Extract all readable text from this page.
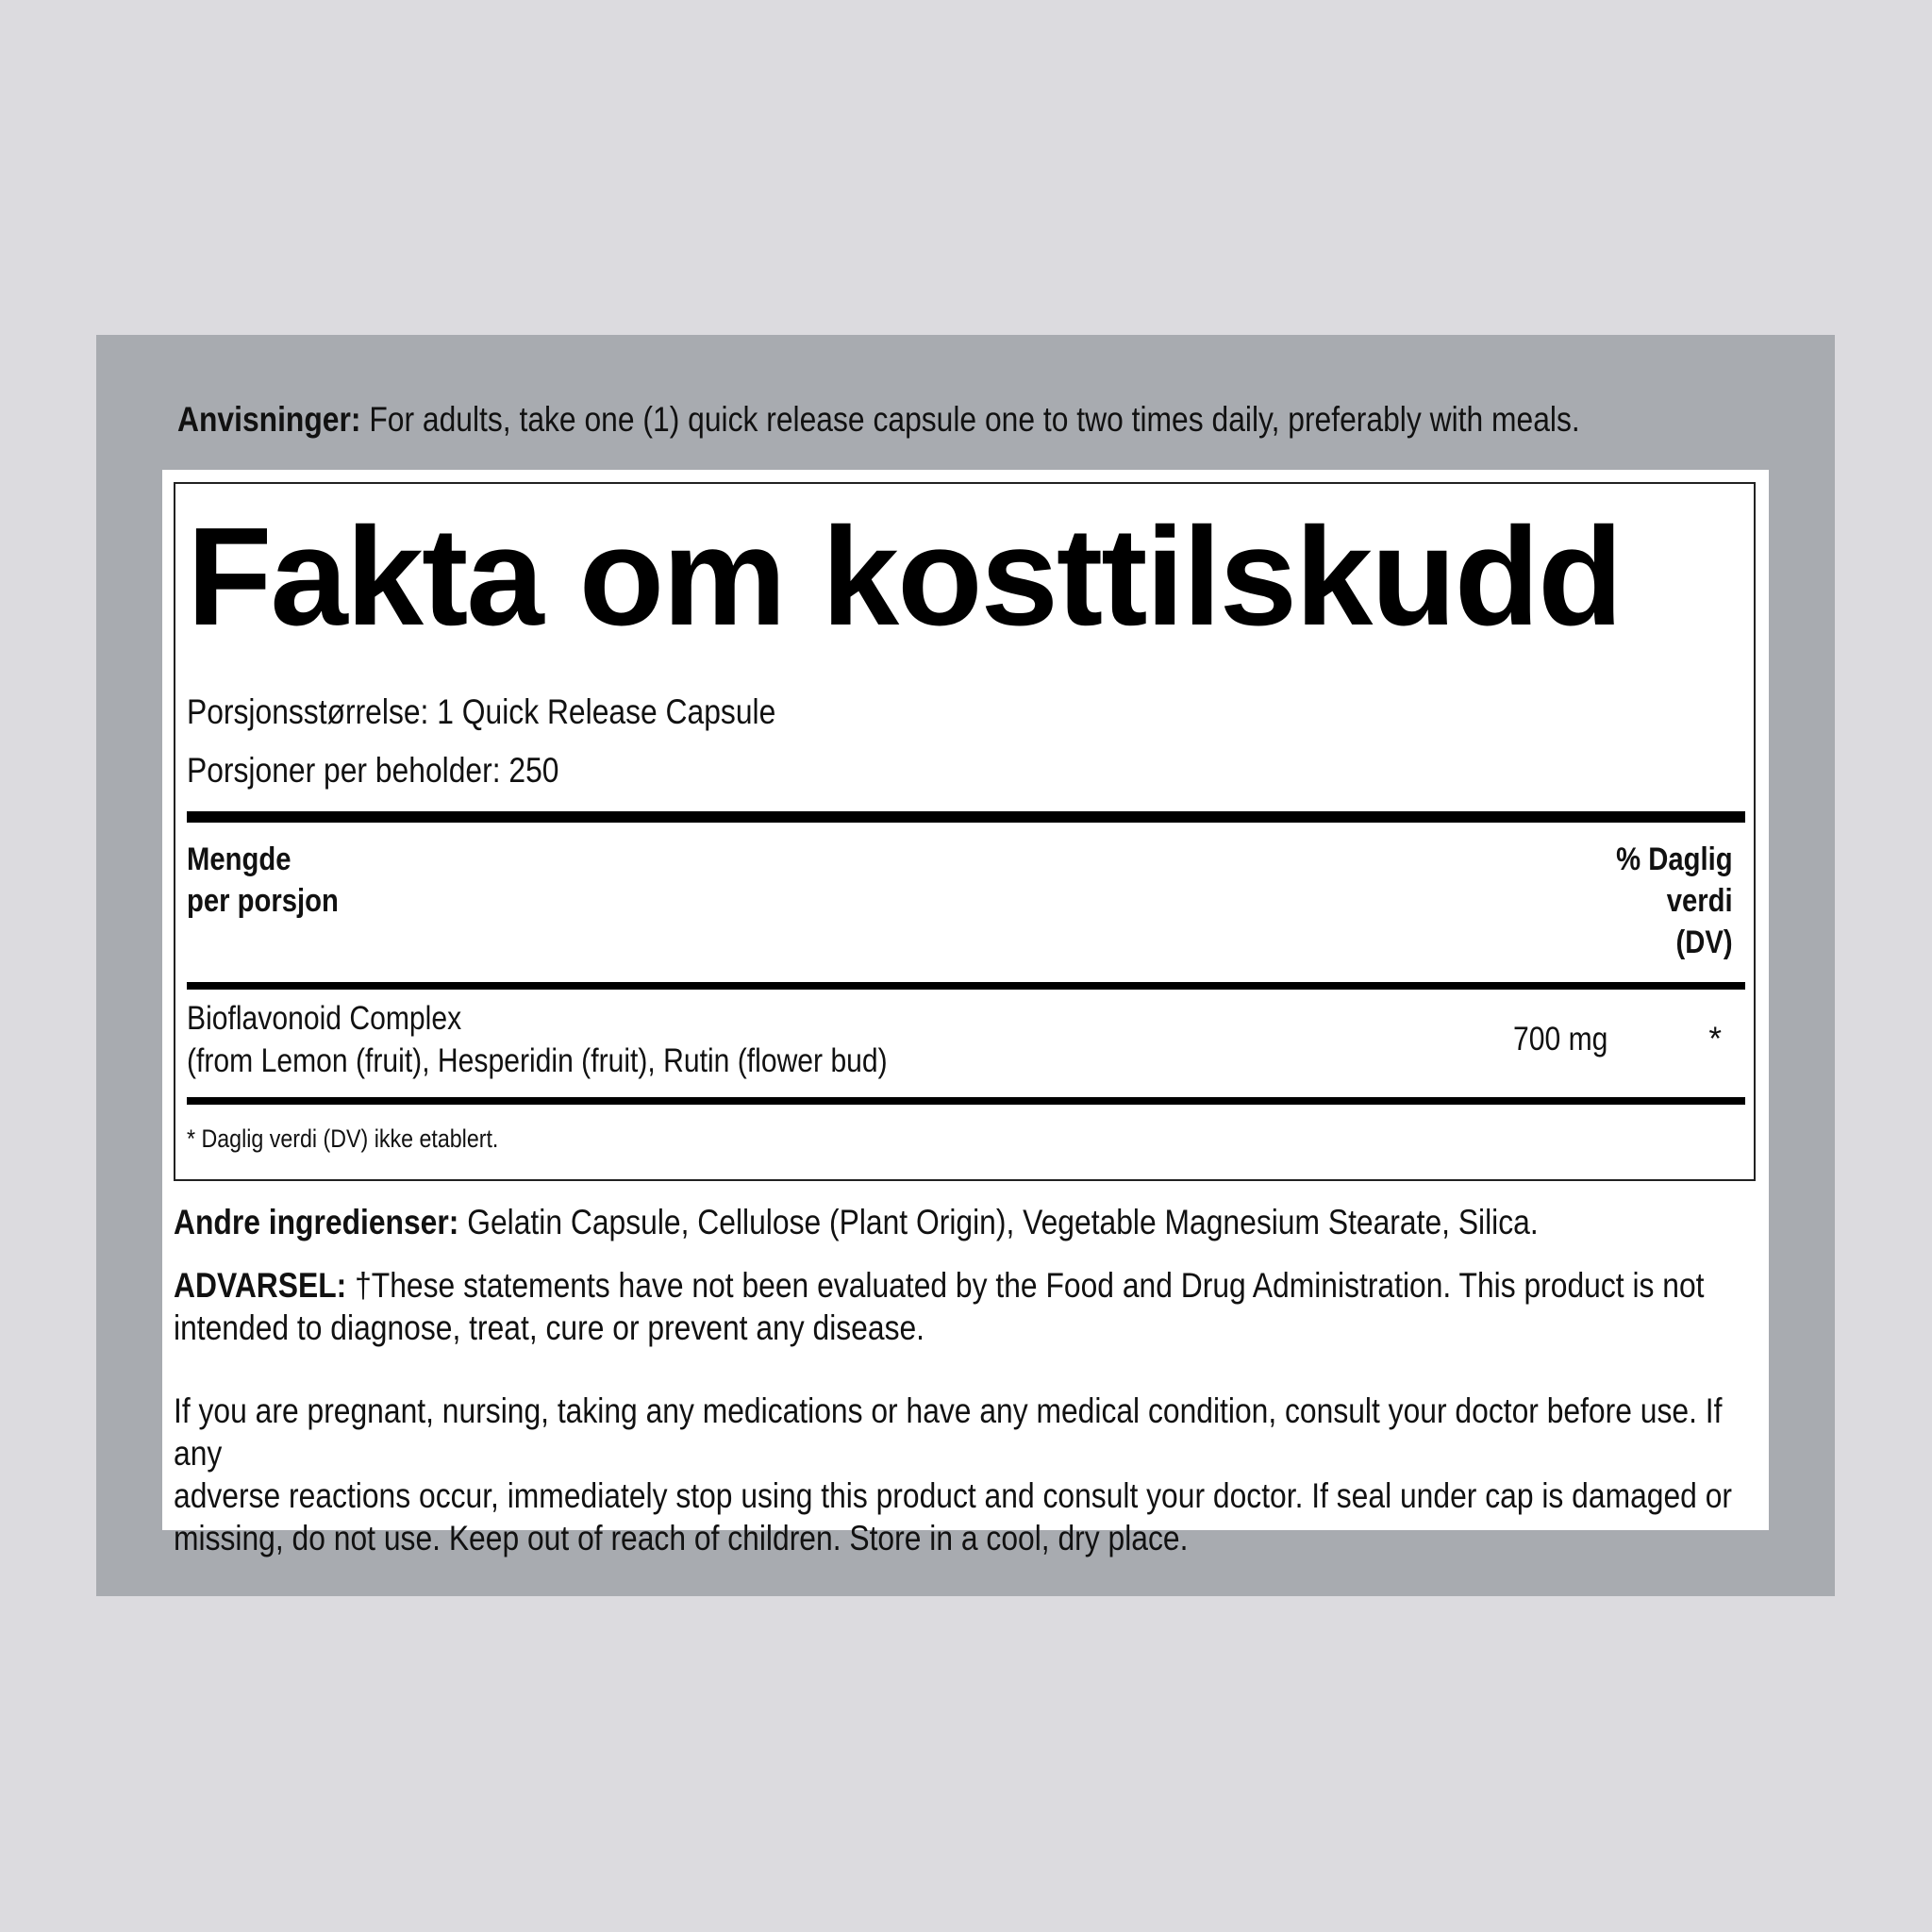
Anvisninger: For adults, take one (1) quick release capsule one to two times daily, preferably with meals.
Fakta om kosttilskudd
Porsjonsstørrelse: 1 Quick Release Capsule
Porsjoner per beholder: 250
Mengde
per porsjon
% Daglig
verdi
(DV)
Bioflavonoid Complex
(from Lemon (fruit), Hesperidin (fruit), Rutin (flower bud)
700 mg	*
* Daglig verdi (DV) ikke etablert.
Andre ingredienser: Gelatin Capsule, Cellulose (Plant Origin), Vegetable Magnesium Stearate, Silica.
ADVARSEL: †These statements have not been evaluated by the Food and Drug Administration. This product is not
intended to diagnose, treat, cure or prevent any disease.
If you are pregnant, nursing, taking any medications or have any medical condition, consult your doctor before use. If any
adverse reactions occur, immediately stop using this product and consult your doctor. If seal under cap is damaged or
missing, do not use. Keep out of reach of children. Store in a cool, dry place.
